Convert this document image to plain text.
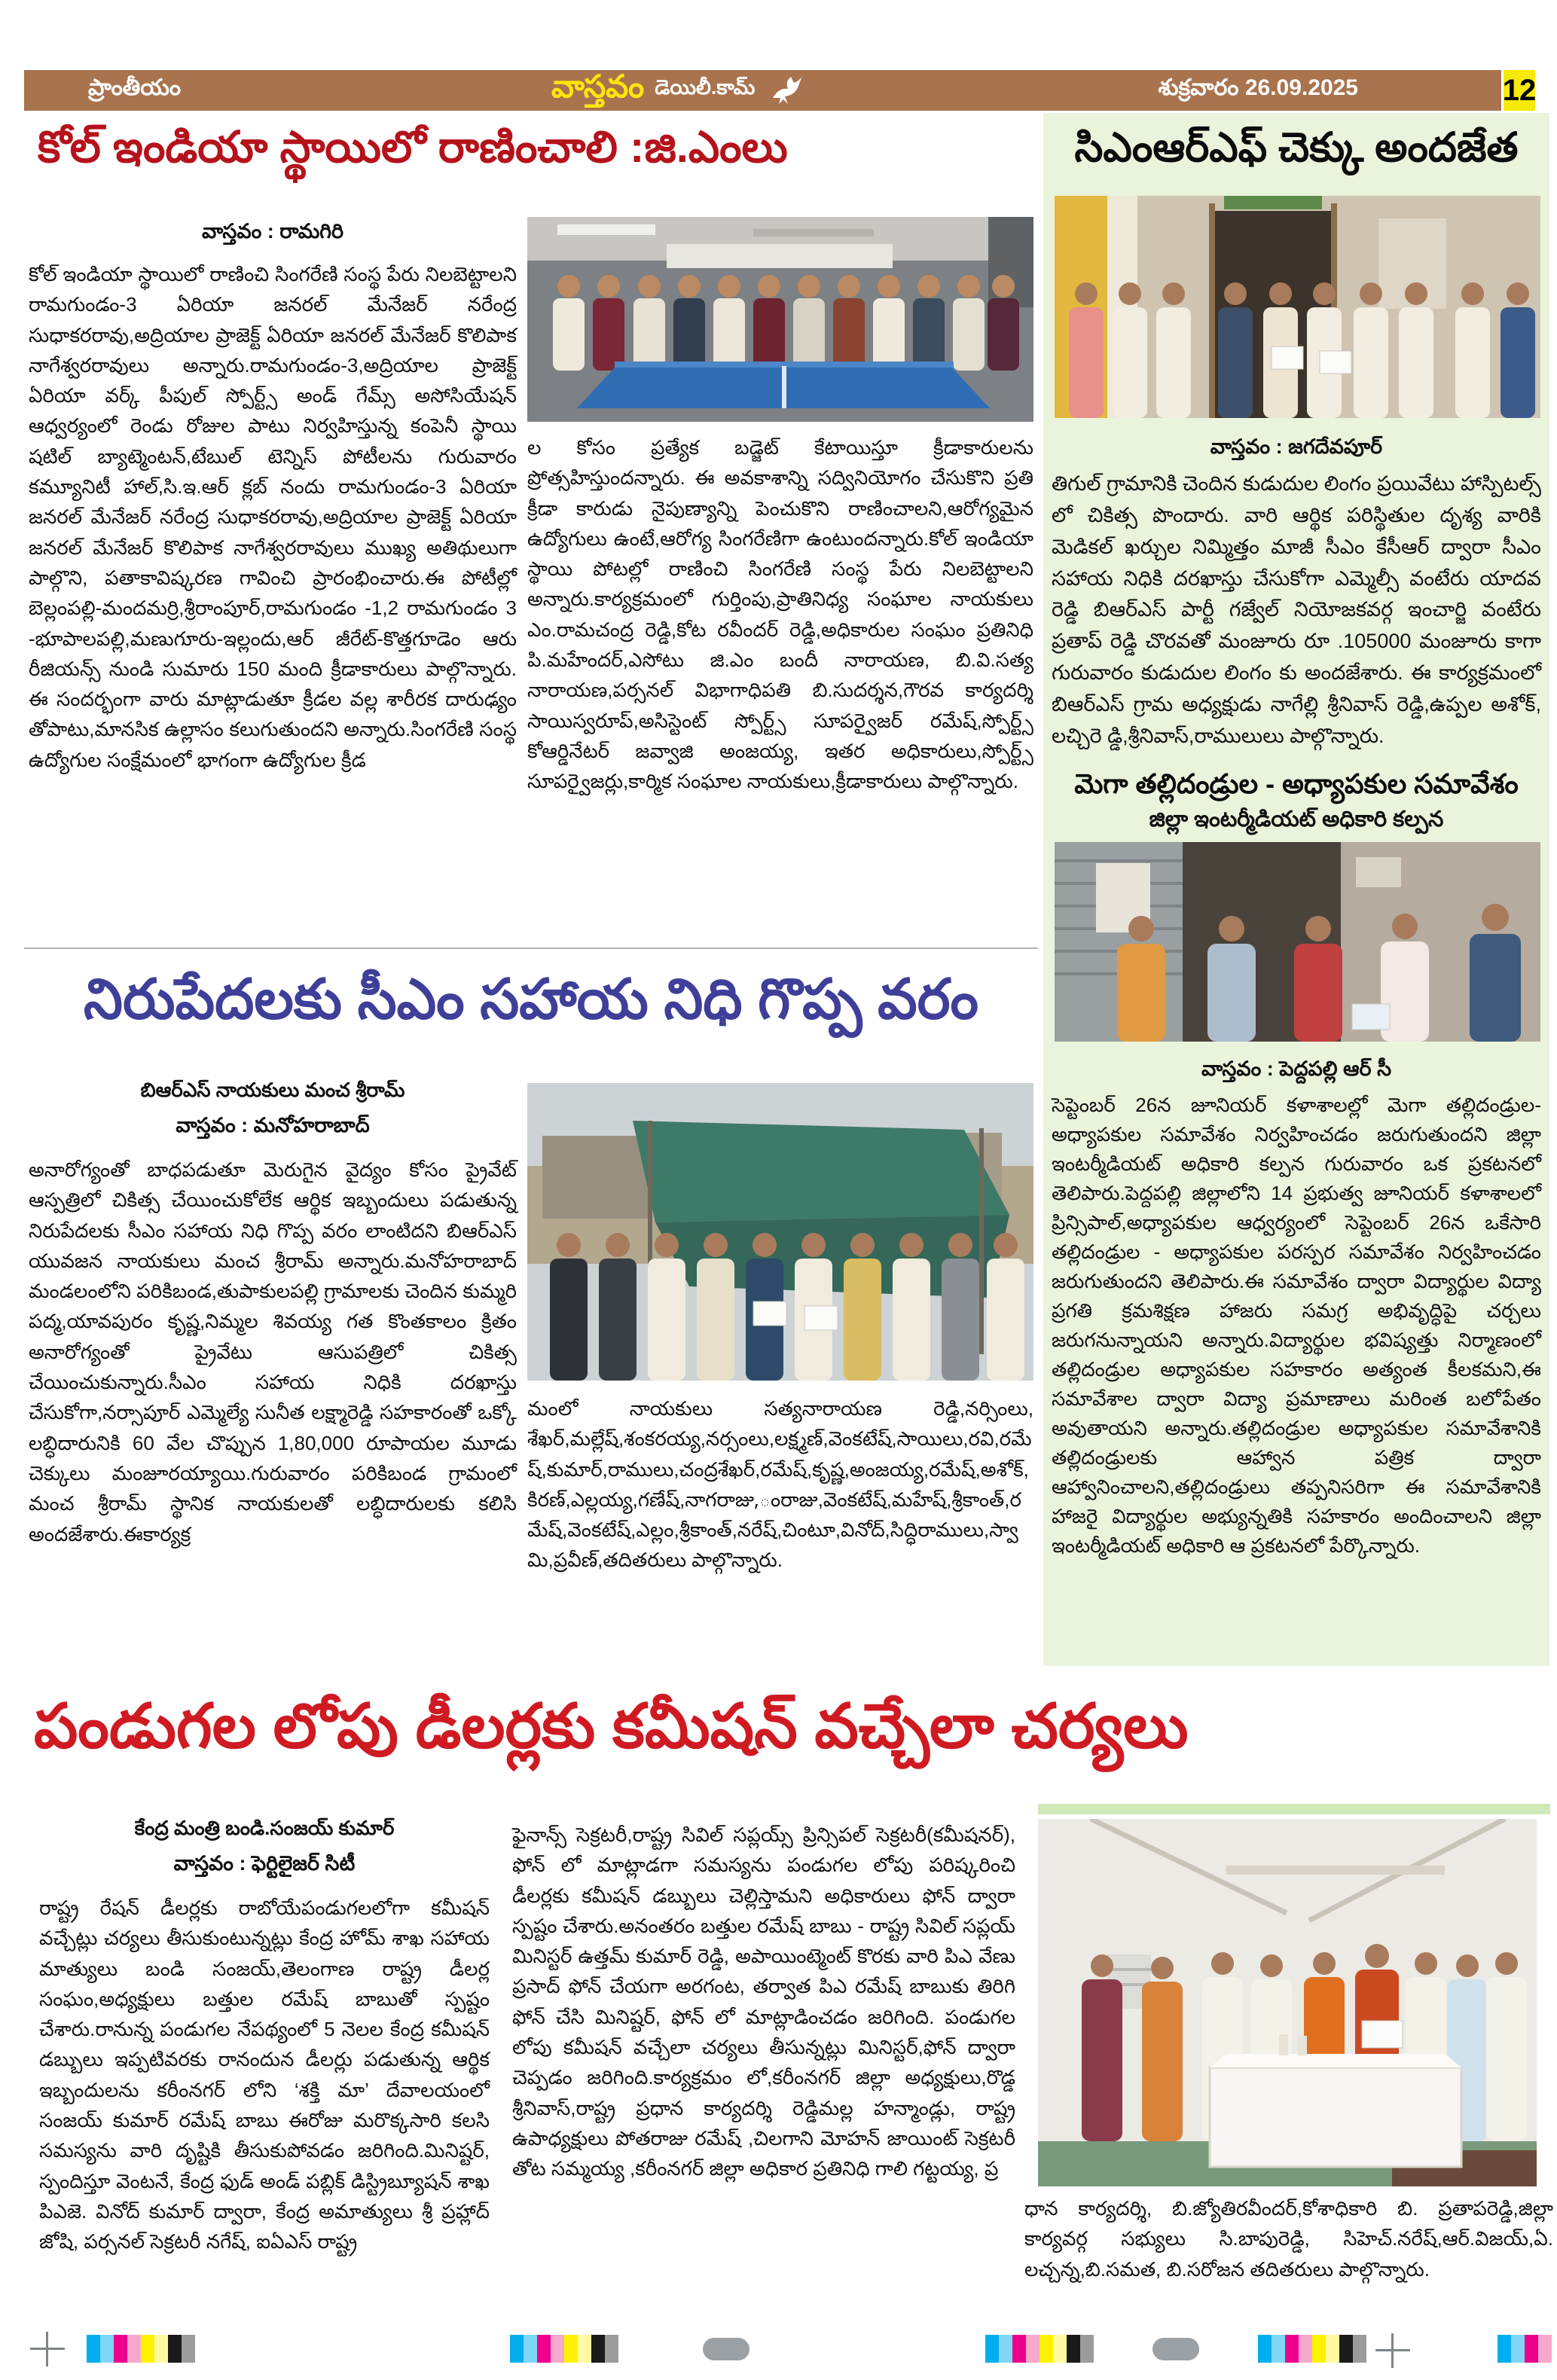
ప్రాంతీయం	వాస్తవం డెయిలీ.కామ్	శుక్రవారం 26.09.2025	12
కోల్ ఇండియా స్థాయిలో రాణించాలి :జి.ఎంలు
వాస్తవం : రామగిరి
కోల్ ఇండియా స్థాయిలో రాణించి సింగరేణి సంస్థ పేరు నిలబెట్టాలని రామగుండం-3 ఏరియా జనరల్ మేనేజర్ నరేంద్ర సుధాకరరావు,అద్రియాల ప్రాజెక్ట్ ఏరియా జనరల్ మేనేజర్ కొలిపాక నాగేశ్వరరావులు అన్నారు.రామగుండం-3,అద్రియాల ప్రాజెక్ట్ ఏరియా వర్క్ పీపుల్ స్పోర్ట్స్ అండ్ గేమ్స్ అసోసియేషన్ ఆధ్వర్యంలో రెండు రోజుల పాటు నిర్వహిస్తున్న కంపెనీ స్థాయి షటిల్ బ్యాట్మెంటన్,టేబుల్ టెన్నిస్ పోటీలను గురువారం కమ్యూనిటీ హాల్,సి.ఇ.ఆర్ క్లబ్ నందు రామగుండం-3 ఏరియా జనరల్ మేనేజర్ నరేంద్ర సుధాకరరావు,అద్రియాల ప్రాజెక్ట్ ఏరియా జనరల్ మేనేజర్ కొలిపాక నాగేశ్వరరావులు ముఖ్య అతిథులుగా పాల్గొని, పతాకావిష్కరణ గావించి ప్రారంభించారు.ఈ పోటీల్లో బెల్లంపల్లి-మందమర్రి,శ్రీరాంపూర్,రామగుండం -1,2 రామగుండం 3 -భూపాలపల్లి,మణుగూరు-ఇల్లందు,ఆర్ జీరేట్-కొత్తగూడెం ఆరు రీజియన్స్ నుండి సుమారు 150 మంది క్రీడాకారులు పాల్గొన్నారు. ఈ సందర్భంగా వారు మాట్లాడుతూ క్రీడల వల్ల శారీరక దారుఢ్యం తోపాటు,మానసిక ఉల్లాసం కలుగుతుందని అన్నారు.సింగరేణి సంస్థ ఉద్యోగుల సంక్షేమంలో భాగంగా ఉద్యోగుల క్రీడ
ల కోసం ప్రత్యేక బడ్జెట్ కేటాయిస్తూ క్రీడాకారులను ప్రోత్సహిస్తుందన్నారు. ఈ అవకాశాన్ని సద్వినియోగం చేసుకొని ప్రతి క్రీడా కారుడు నైపుణ్యాన్ని పెంచుకొని రాణించాలని,ఆరోగ్యమైన ఉద్యోగులు ఉంటే,ఆరోగ్య సింగరేణిగా ఉంటుందన్నారు.కోల్ ఇండియా స్థాయి పోటల్లో రాణించి సింగరేణి సంస్థ పేరు నిలబెట్టాలని అన్నారు.కార్యక్రమంలో గుర్తింపు,ప్రాతినిధ్య సంఘాల నాయకులు ఎం.రామచంద్ర రెడ్డి,కోట రవీందర్ రెడ్డి,అధికారుల సంఘం ప్రతినిధి పి.మహేందర్,ఎసోటు జి.ఎం బందీ నారాయణ, బి.వి.సత్య నారాయణ,పర్సనల్ విభాగాధిపతి బి.సుదర్శన,గౌరవ కార్యదర్శి సాయిస్వరూప్,అసిస్టెంట్ స్పోర్ట్స్ సూపర్వైజర్ రమేష్,స్పోర్ట్స్ కోఆర్డినేటర్ జవ్వాజి అంజయ్య, ఇతర అధికారులు,స్పోర్ట్స్ సూపర్వైజర్లు,కార్మిక సంఘాల నాయకులు,క్రీడాకారులు పాల్గొన్నారు.
నిరుపేదలకు సీఎం సహాయ నిధి గొప్ప వరం
బిఆర్ఎస్ నాయకులు మంచ శ్రీరామ్
వాస్తవం : మనోహరాబాద్
అనారోగ్యంతో బాధపడుతూ మెరుగైన వైద్యం కోసం ప్రైవేట్ ఆస్పత్రిలో చికిత్స చేయించుకోలేక ఆర్థిక ఇబ్బందులు పడుతున్న నిరుపేదలకు సీఎం సహాయ నిధి గొప్ప వరం లాంటిదని బిఆర్ఎస్ యువజన నాయకులు మంచ శ్రీరామ్ అన్నారు.మనోహరాబాద్ మండలంలోని పరికిబండ,తుపాకులపల్లి గ్రామాలకు చెందిన కుమ్మరి పద్మ,యావపురం కృష్ణ,నిమ్మల శివయ్య గత కొంతకాలం క్రితం అనారోగ్యంతో ప్రైవేటు ఆసుపత్రిలో చికిత్స చేయించుకున్నారు.సీఎం సహాయ నిధికి దరఖాస్తు చేసుకోగా,నర్సాపూర్ ఎమ్మెల్యే సునీత లక్ష్మారెడ్డి సహకారంతో ఒక్కో లబ్ధిదారునికి 60 వేల చొప్పున 1,80,000 రూపాయల మూడు చెక్కులు మంజూరయ్యాయి.గురువారం పరికిబండ గ్రామంలో మంచ శ్రీరామ్ స్థానిక నాయకులతో లబ్ధిదారులకు కలిసి అందజేశారు.ఈకార్యక్ర
మంలో నాయకులు సత్యనారాయణ రెడ్డి,నర్సింలు, శేఖర్,మల్లేష్,శంకరయ్య,నర్సంలు,లక్ష్మణ్,వెంకటేష్,సాయిలు,రవి,రమేష్,కుమార్,రాములు,చంద్రశేఖర్,రమేష్,కృష్ణ,అంజయ్య,రమేష్,అశోక్,కిరణ్,ఎల్లయ్య,గణేష్,నాగరాజు,ంరాజు,వెంకటేష్,మహేష్,శ్రీకాంత్,రమేష్,వెంకటేష్,ఎల్లం,శ్రీకాంత్,నరేష్,చింటూ,వినోద్,సిద్ధిరాములు,స్వామి,ప్రవీణ్,తదితరులు పాల్గొన్నారు.
సిఎంఆర్ఎఫ్ చెక్కు అందజేత
వాస్తవం : జగదేవపూర్
తిగుల్ గ్రామానికి చెందిన కుడుదుల లింగం ప్రయివేటు హాస్పిటల్స్ లో చికిత్స పొందారు. వారి ఆర్థిక పరిస్థితుల దృశ్య వారికి మెడికల్ ఖర్చుల నిమ్మిత్తం మాజీ సీఎం కేసీఆర్ ద్వారా సీఎం సహాయ నిధికి దరఖాస్తు చేసుకోగా ఎమ్మెల్సీ వంటేరు యాదవ రెడ్డి బిఆర్ఎస్ పార్టీ గజ్వేల్ నియోజకవర్గ ఇంచార్జి వంటేరు ప్రతాప్ రెడ్డి చొరవతో మంజూరు రూ .105000 మంజూరు కాగా గురువారం కుడుదుల లింగం కు అందజేశారు. ఈ కార్యక్రమంలో బిఆర్ఎస్ గ్రామ అధ్యక్షుడు నాగేల్లి శ్రీనివాస్ రెడ్డి,ఉప్పల అశోక్, లచ్చిరె డ్డి,శ్రీనివాస్,రాములులు పాల్గొన్నారు.
మెగా తల్లిదండ్రుల - అధ్యాపకుల సమావేశం
జిల్లా ఇంటర్మీడియట్ అధికారి కల్పన
వాస్తవం : పెద్దపల్లి ఆర్ సీ
సెప్టెంబర్ 26న జూనియర్ కళాశాలల్లో మెగా తల్లిదండ్రుల-అధ్యాపకుల సమావేశం నిర్వహించడం జరుగుతుందని జిల్లా ఇంటర్మీడియట్ అధికారి కల్పన గురువారం ఒక ప్రకటనలో తెలిపారు.పెద్దపల్లి జిల్లాలోని 14 ప్రభుత్వ జూనియర్ కళాశాలలో ప్రిన్సిపాల్,అధ్యాపకుల ఆధ్వర్యంలో సెప్టెంబర్ 26న ఒకేసారి తల్లిదండ్రుల - అధ్యాపకుల పరస్పర సమావేశం నిర్వహించడం జరుగుతుందని తెలిపారు.ఈ సమావేశం ద్వారా విద్యార్థుల విద్యా ప్రగతి క్రమశిక్షణ హాజరు సమగ్ర అభివృద్ధిపై చర్చలు జరుగనున్నాయని అన్నారు.విద్యార్థుల భవిష్యత్తు నిర్మాణంలో తల్లిదండ్రుల అధ్యాపకుల సహకారం అత్యంత కీలకమని,ఈ సమావేశాల ద్వారా విద్యా ప్రమాణాలు మరింత బలోపేతం అవుతాయని అన్నారు.తల్లిదండ్రుల అధ్యాపకుల సమావేశానికి తల్లిదండ్రులకు ఆహ్వాన పత్రిక ద్వారా ఆహ్వానించాలని,తల్లిదండ్రులు తప్పనిసరిగా ఈ సమావేశానికి హాజరై విద్యార్థుల అభ్యున్నతికి సహకారం అందించాలని జిల్లా ఇంటర్మీడియట్ అధికారి ఆ ప్రకటనలో పేర్కొన్నారు.
పండుగల లోపు డీలర్లకు కమీషన్ వచ్చేలా చర్యలు
కేంద్ర మంత్రి బండి.సంజయ్ కుమార్
వాస్తవం : ఫెర్టిలైజర్ సిటీ
రాష్ట్ర రేషన్ డీలర్లకు రాబోయేపండుగలలోగా కమీషన్ వచ్చేట్లు చర్యలు తీసుకుంటున్నట్లు కేంద్ర హోమ్ శాఖ సహాయ మాత్యులు బండి సంజయ్,తెలంగాణ రాష్ట్ర డీలర్ల సంఘం,అధ్యక్షులు బత్తుల రమేష్ బాబుతో స్పష్టం చేశారు.రానున్న పండుగల నేపథ్యంలో 5 నెలల కేంద్ర కమీషన్ డబ్బులు ఇప్పటివరకు రానందున డీలర్లు పడుతున్న ఆర్థిక ఇబ్బందులను కరీంనగర్ లోని ‘శక్తి మా’ దేవాలయంలో సంజయ్ కుమార్ రమేష్ బాబు ఈరోజు మరొక్కసారి కలసి సమస్యను వారి దృష్టికి తీసుకుపోవడం జరిగింది.మినిష్టర్, స్పందిస్తూ వెంటనే, కేంద్ర ఫుడ్ అండ్ పబ్లిక్ డిస్ట్రిబ్యూషన్ శాఖ పిఎజె. వినోద్ కుమార్ ద్వారా, కేంద్ర అమాత్యులు శ్రీ ప్రహ్లాద్ జోషి, పర్సనల్ సెక్రటరీ నగేష్, ఐఏఎస్ రాష్ట్ర
ఫైనాన్స్ సెక్రటరీ,రాష్ట్ర సివిల్ సప్లయ్స్ ప్రిన్సిపల్ సెక్రటరీ(కమీషనర్), ఫోన్ లో మాట్లాడగా సమస్యను పండుగల లోపు పరిష్కరించి డీలర్లకు కమీషన్ డబ్బులు చెల్లిస్తామని అధికారులు ఫోన్ ద్వారా స్పష్టం చేశారు.అనంతరం బత్తుల రమేష్ బాబు - రాష్ట్ర సివిల్ సప్లయ్ మినిస్టర్ ఉత్తమ్ కుమార్ రెడ్డి, అపాయింట్మెంట్ కొరకు వారి పిఎ వేణు ప్రసాద్ ఫోన్ చేయగా అరగంట, తర్వాత పిఎ రమేష్ బాబుకు తిరిగి ఫోన్ చేసి మినిష్టర్, ఫోన్ లో మాట్లాడించడం జరిగింది. పండుగల లోపు కమీషన్ వచ్చేలా చర్యలు తీసున్నట్లు మినిస్టర్,ఫోన్ ద్వారా చెప్పడం జరిగింది.కార్యక్రమం లో,కరీంనగర్ జిల్లా అధ్యక్షులు,రొడ్డ శ్రీనివాస్,రాష్ట్ర ప్రధాన కార్యదర్శి రెడ్డిమల్ల హన్మాండ్లు, రాష్ట్ర ఉపాధ్యక్షులు పోతరాజు రమేష్ ,చిలగాని మోహన్ జాయింట్ సెక్రటరీ తోట సమ్మయ్య ,కరీంనగర్ జిల్లా అధికార ప్రతినిధి గాలి గట్టయ్య, ప్ర
ధాన కార్యదర్శి, బి.జ్యోతిరవీందర్,కోశాధికారి బి. ప్రతాపరెడ్డి,జిల్లా కార్యవర్గ సభ్యులు సి.బాపురెడ్డి, సిహెచ్.నరేష్,ఆర్.విజయ్,ఏ. లచ్చన్న,బి.సమత, బి.సరోజన తదితరులు పాల్గొన్నారు.
